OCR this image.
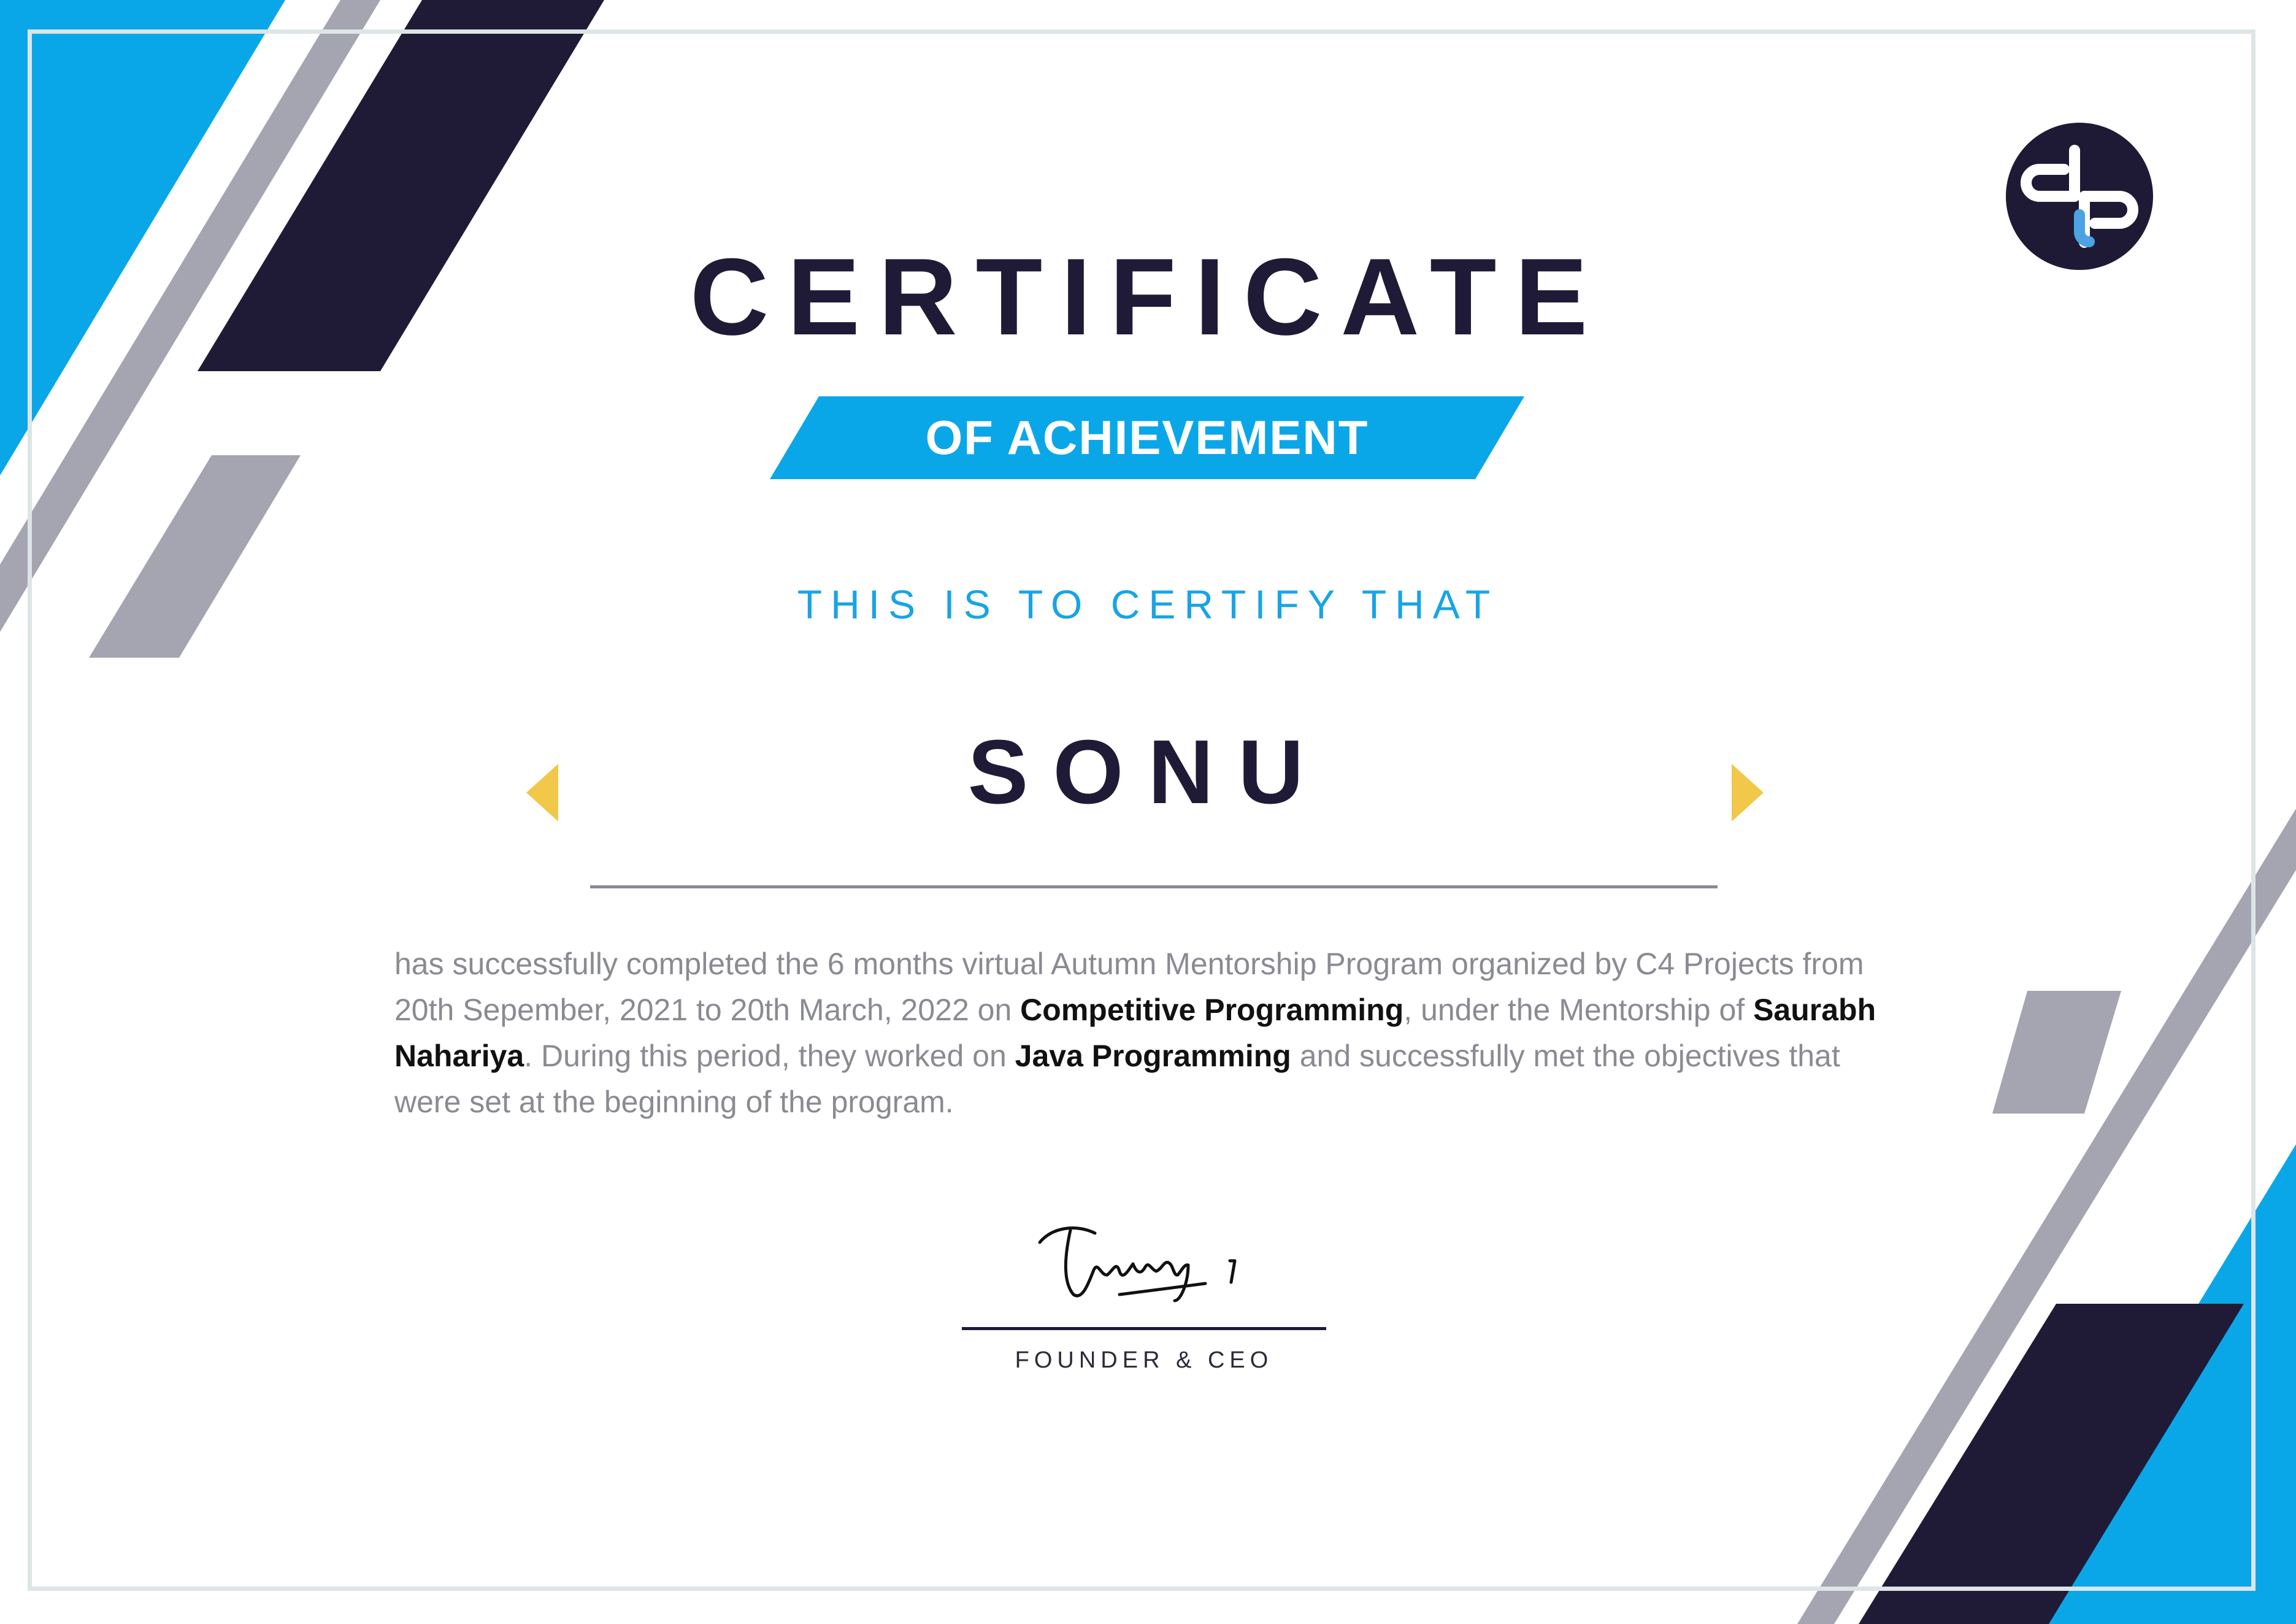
CERTIFICATE
OF ACHIEVEMENT
THIS IS TO CERTIFY THAT
SONU
has successfully completed the 6 months virtual Autumn Mentorship Program organized by C4 Projects from 20th Sepember, 2021 to 20th March, 2022 on Competitive Programming, under the Mentorship of Saurabh Nahariya. During this period, they worked on Java Programming and successfully met the objectives that were set at the beginning of the program.
FOUNDER & CEO
